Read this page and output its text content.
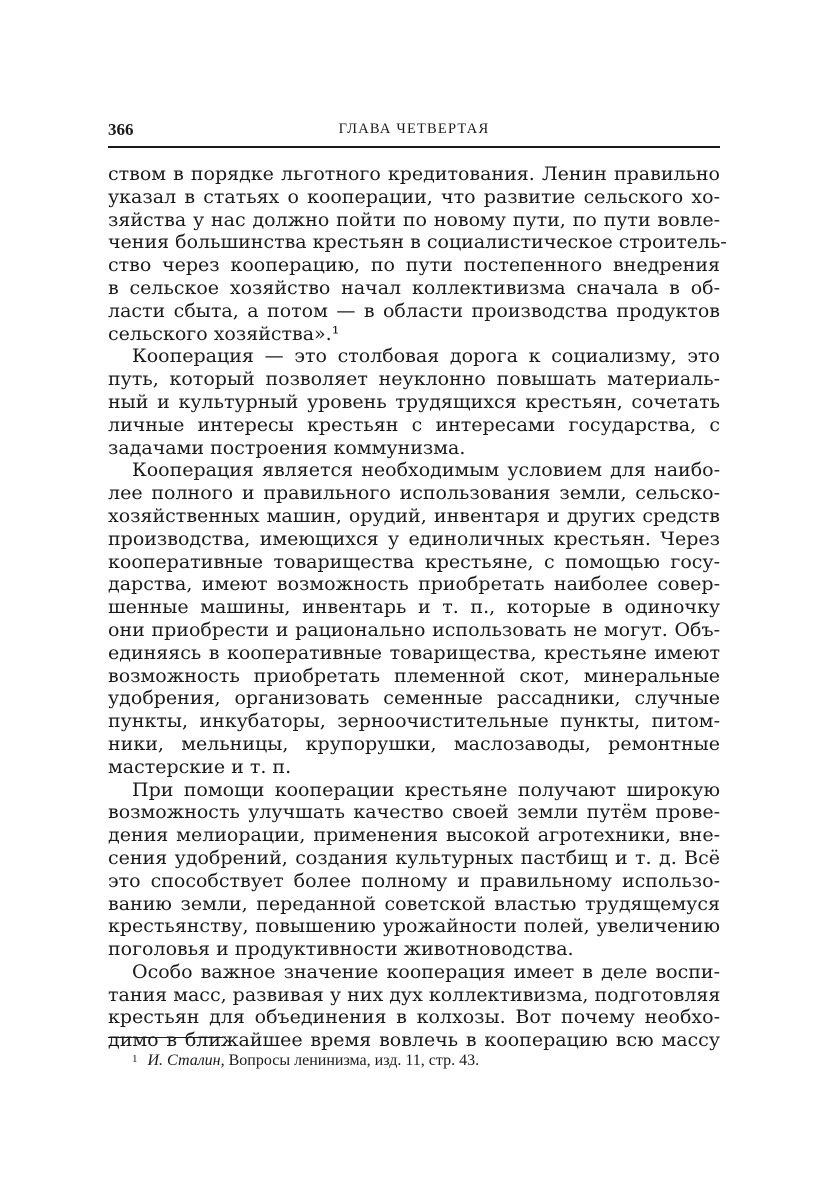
366	ГЛАВА ЧЕТВЕРТАЯ
ством в порядке льготного кредитования. Ленин правильно
указал в статьях о кооперации, что развитие сельского хо-
зяйства у нас должно пойти по новому пути, по пути вовле-
чения большинства крестьян в социалистическое строитель-
ство через кооперацию, по пути постепенного внедрения
в сельское хозяйство начал коллективизма сначала в об-
ласти сбыта, а потом — в области производства продуктов
сельского хозяйства».¹
Кооперация — это столбовая дорога к социализму, это
путь, который позволяет неуклонно повышать материаль-
ный и культурный уровень трудящихся крестьян, сочетать
личные интересы крестьян с интересами государства, с
задачами построения коммунизма.
Кооперация является необходимым условием для наибо-
лее полного и правильного использования земли, сельско-
хозяйственных машин, орудий, инвентаря и других средств
производства, имеющихся у единоличных крестьян. Через
кооперативные товарищества крестьяне, с помощью госу-
дарства, имеют возможность приобретать наиболее совер-
шенные машины, инвентарь и т. п., которые в одиночку
они приобрести и рационально использовать не могут. Объ-
единяясь в кооперативные товарищества, крестьяне имеют
возможность приобретать племенной скот, минеральные
удобрения, организовать семенные рассадники, случные
пункты, инкубаторы, зерноочистительные пункты, питом-
ники, мельницы, крупорушки, маслозаводы, ремонтные
мастерские и т. п.
При помощи кооперации крестьяне получают широкую
возможность улучшать качество своей земли путём прове-
дения мелиорации, применения высокой агротехники, вне-
сения удобрений, создания культурных пастбищ и т. д. Всё
это способствует более полному и правильному использо-
ванию земли, переданной советской властью трудящемуся
крестьянству, повышению урожайности полей, увеличению
поголовья и продуктивности животноводства.
Особо важное значение кооперация имеет в деле воспи-
тания масс, развивая у них дух коллективизма, подготовляя
крестьян для объединения в колхозы. Вот почему необхо-
димо в ближайшее время вовлечь в кооперацию всю массу
1 И. Сталин, Вопросы ленинизма, изд. 11, стр. 43.
